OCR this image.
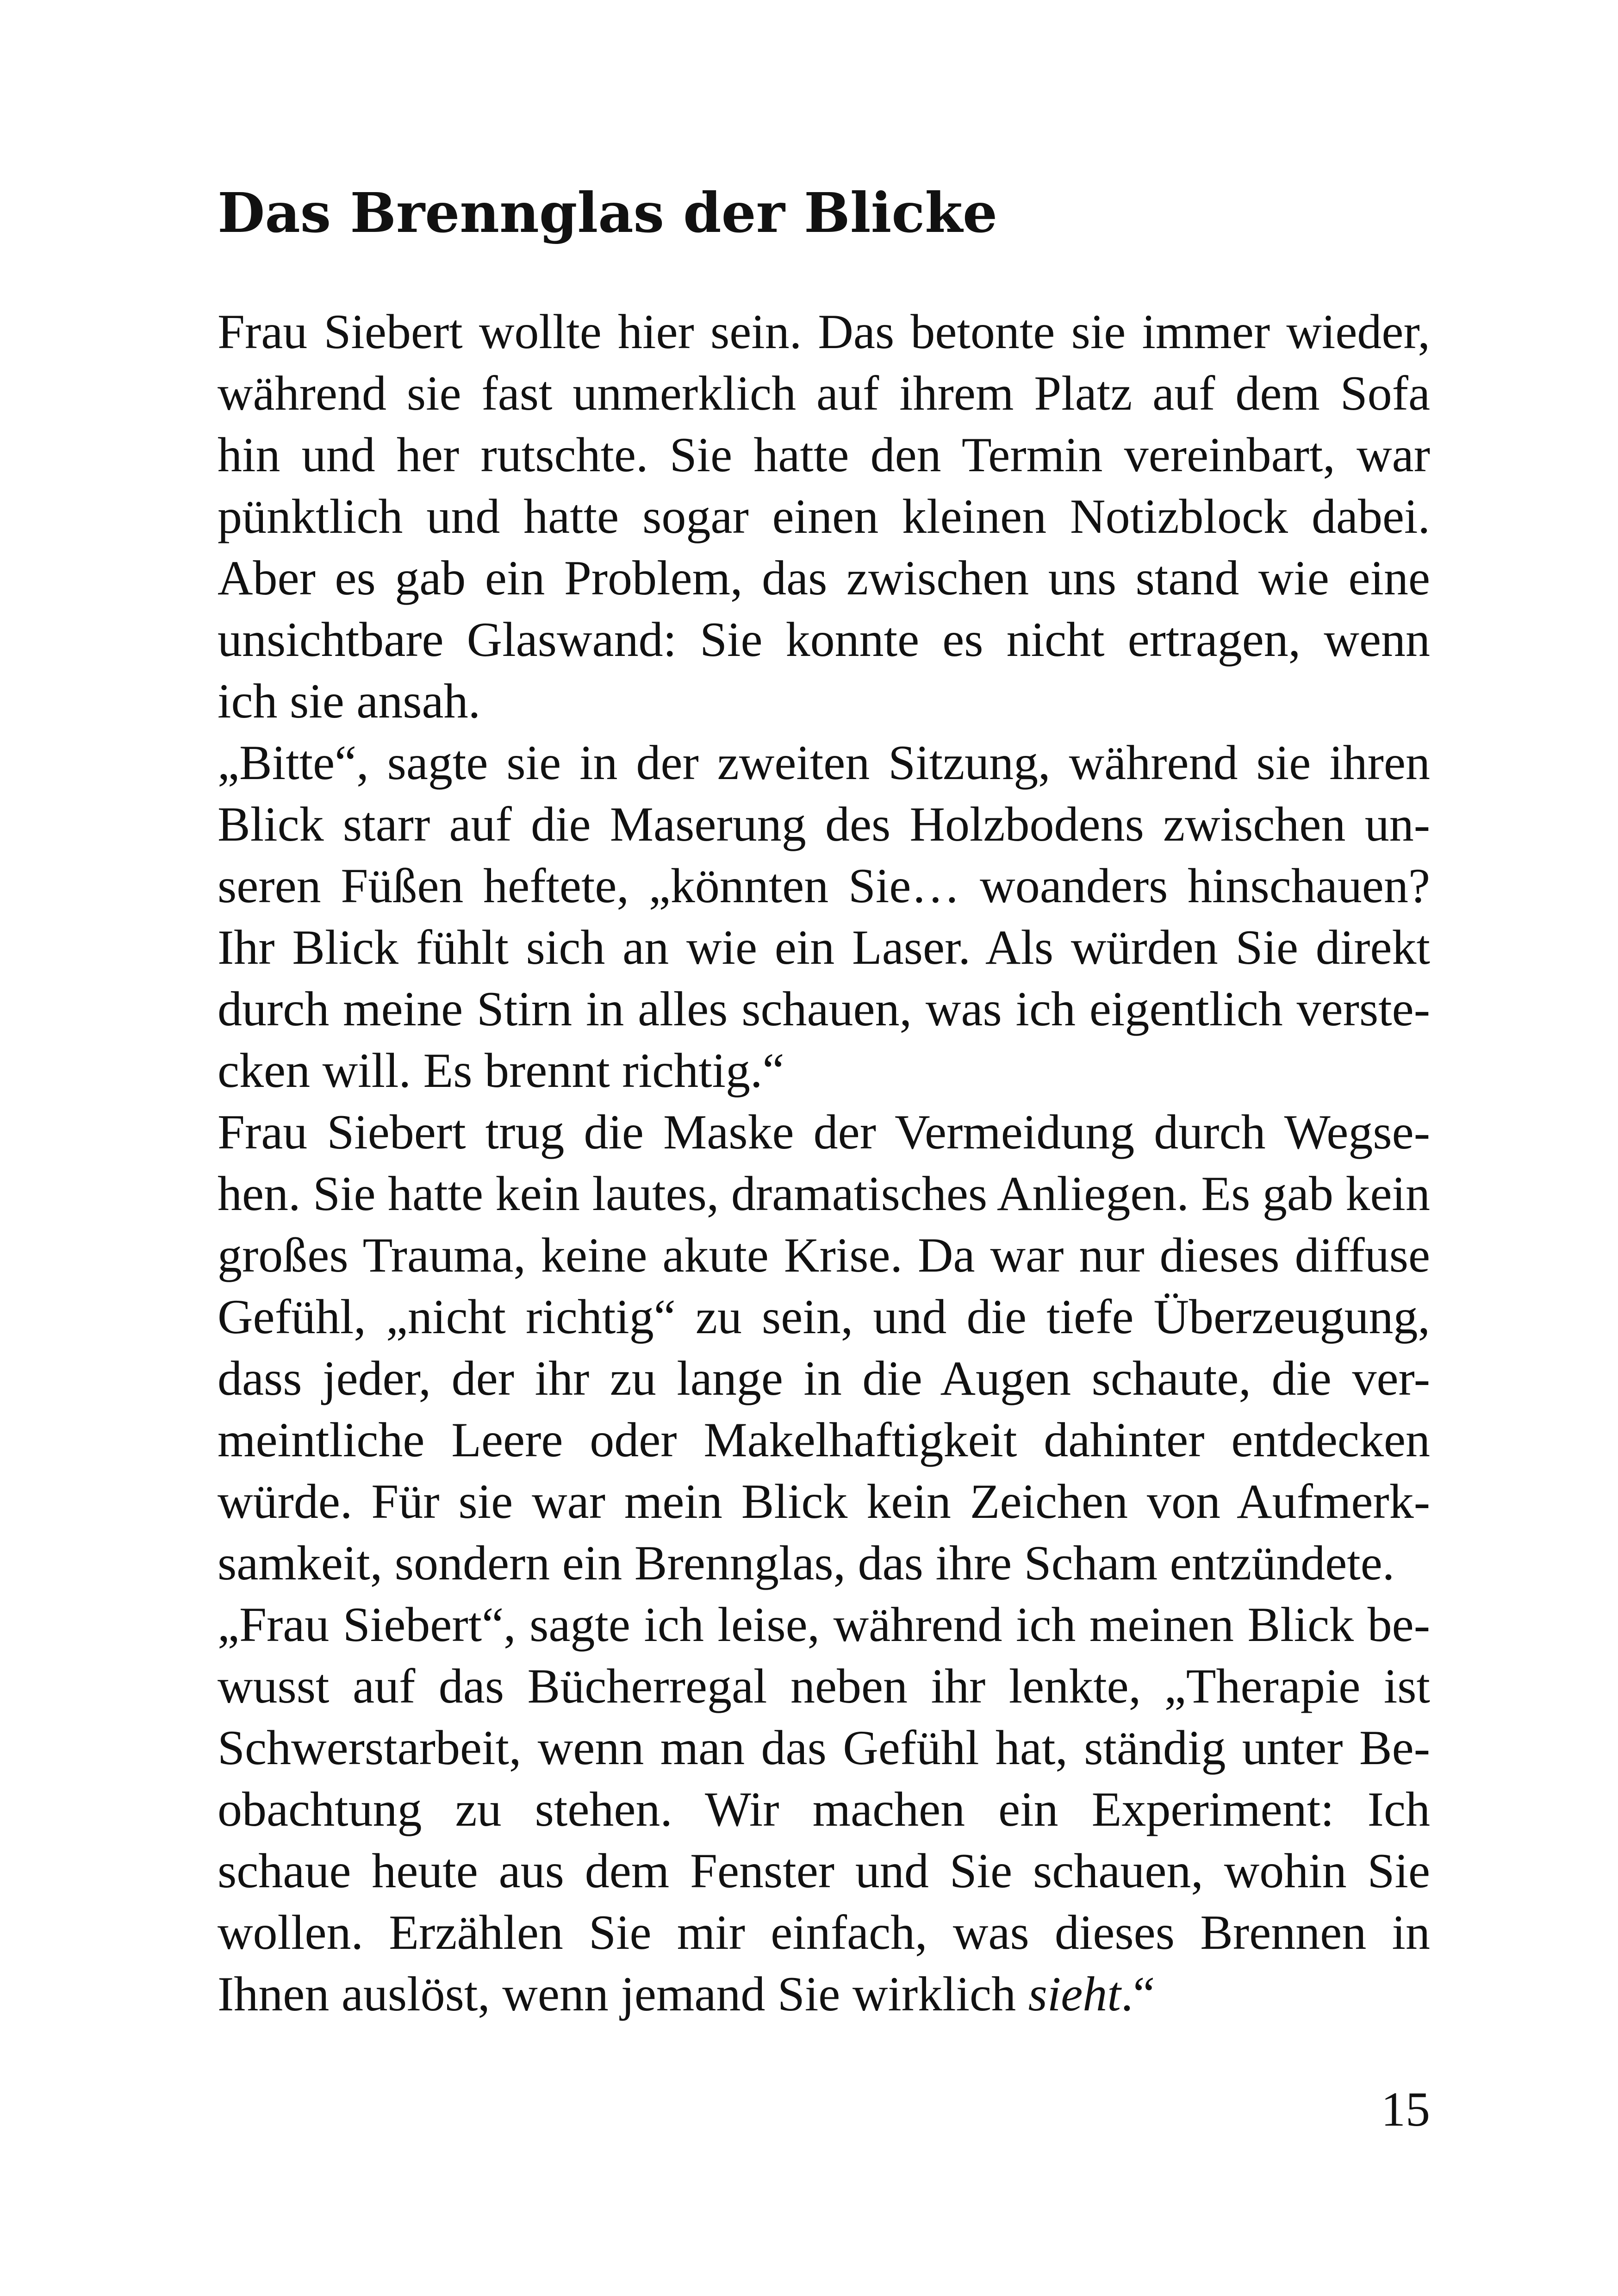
Das Brennglas der Blicke
Frau Siebert wollte hier sein. Das betonte sie immer wieder,
während sie fast unmerklich auf ihrem Platz auf dem Sofa
hin und her rutschte. Sie hatte den Termin vereinbart, war
pünktlich und hatte sogar einen kleinen Notizblock dabei.
Aber es gab ein Problem, das zwischen uns stand wie eine
unsichtbare Glaswand: Sie konnte es nicht ertragen, wenn
ich sie ansah.
„Bitte“, sagte sie in der zweiten Sitzung, während sie ihren
Blick starr auf die Maserung des Holzbodens zwischen un-
seren Füßen heftete, „könnten Sie… woanders hinschauen?
Ihr Blick fühlt sich an wie ein Laser. Als würden Sie direkt
durch meine Stirn in alles schauen, was ich eigentlich verste-
cken will. Es brennt richtig.“
Frau Siebert trug die Maske der Vermeidung durch Wegse-
hen. Sie hatte kein lautes, dramatisches Anliegen. Es gab kein
großes Trauma, keine akute Krise. Da war nur dieses diffuse
Gefühl, „nicht richtig“ zu sein, und die tiefe Überzeugung,
dass jeder, der ihr zu lange in die Augen schaute, die ver-
meintliche Leere oder Makelhaftigkeit dahinter entdecken
würde. Für sie war mein Blick kein Zeichen von Aufmerk-
samkeit, sondern ein Brennglas, das ihre Scham entzündete.
„Frau Siebert“, sagte ich leise, während ich meinen Blick be-
wusst auf das Bücherregal neben ihr lenkte, „Therapie ist
Schwerstarbeit, wenn man das Gefühl hat, ständig unter Be-
obachtung zu stehen. Wir machen ein Experiment: Ich
schaue heute aus dem Fenster und Sie schauen, wohin Sie
wollen. Erzählen Sie mir einfach, was dieses Brennen in
Ihnen auslöst, wenn jemand Sie wirklich sieht.“
15
